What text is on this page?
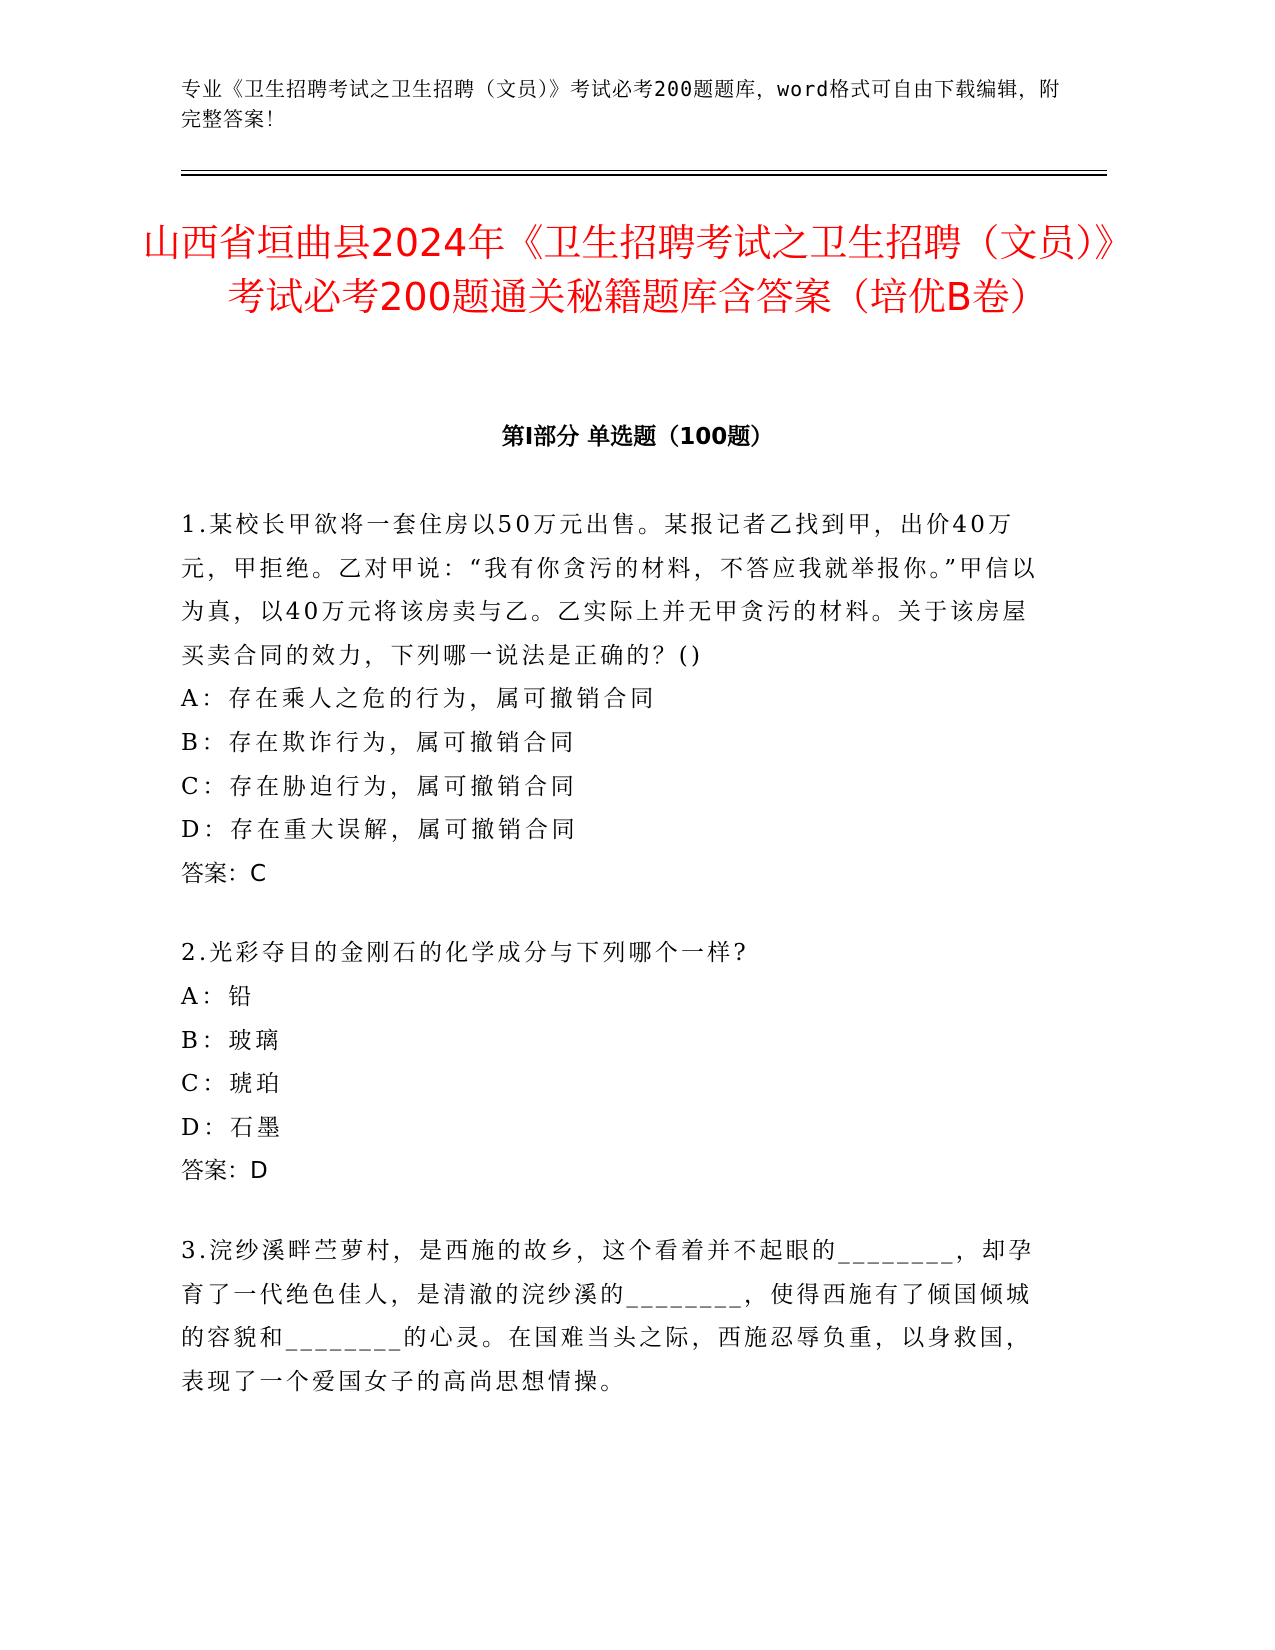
专业《卫生招聘考试之卫生招聘（文员）》考试必考200题题库，word格式可自由下载编辑，附完整答案！
山西省垣曲县2024年《卫生招聘考试之卫生招聘（文员）》考试必考200题通关秘籍题库含答案（培优B卷）
第I部分 单选题（100题）

1.某校长甲欲将一套住房以50万元出售。某报记者乙找到甲，出价40万元，甲拒绝。乙对甲说：“我有你贪污的材料，不答应我就举报你。”甲信以为真，以40万元将该房卖与乙。乙实际上并无甲贪污的材料。关于该房屋买卖合同的效力，下列哪一说法是正确的？()

A：存在乘人之危的行为，属可撤销合同

B：存在欺诈行为，属可撤销合同

C：存在胁迫行为，属可撤销合同

D：存在重大误解，属可撤销合同

答案：C

2.光彩夺目的金刚石的化学成分与下列哪个一样?

A：铅

B：玻璃

C：琥珀

D：石墨

答案：D

3.浣纱溪畔苎萝村，是西施的故乡，这个看着并不起眼的________，却孕育了一代绝色佳人，是清澈的浣纱溪的________，使得西施有了倾国倾城的容貌和________的心灵。在国难当头之际，西施忍辱负重，以身救国，表现了一个爱国女子的高尚思想情操。
